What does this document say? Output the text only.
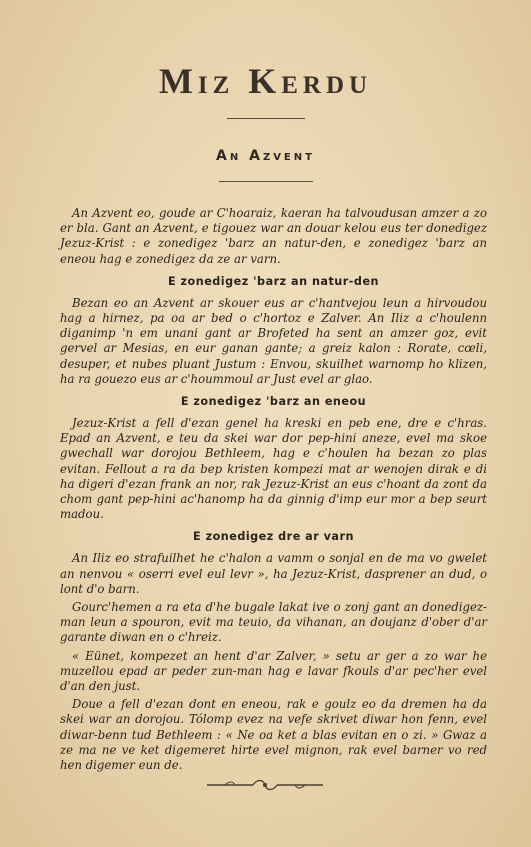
Miz Kerdu
An Azvent

An Azvent eo, goude ar C'hoaraiz, kaeran ha talvoudusan amzer a zo er bla. Gant an Azvent, e tigouez war an douar kelou eus ter donedigez Jezuz-Krist : e zonedigez 'barz an natur-den, e zonedigez 'barz an eneou hag e zonedigez da ze ar varn.

E zonedigez 'barz an natur-den

Bezan eo an Azvent ar skouer eus ar c'hantvejou leun a hirvoudou hag a hirnez, pa oa ar bed o c'hortoz e Zalver. An Iliz a c'houlenn diganimp 'n em unani gant ar Brofeted ha sent an amzer goz, evit gervel ar Mesias, en eur ganan gante; a greiz kalon : Rorate, cœli, desuper, et nubes pluant Justum : Envou, skuilhet warnomp ho klizen, ha ra gouezo eus ar c'hoummoul ar Just evel ar glao.

E zonedigez 'barz an eneou

Jezuz-Krist a fell d'ezan genel ha kreski en peb ene, dre e c'hras. Epad an Azvent, e teu da skei war dor pep-hini aneze, evel ma skoe gwechall war dorojou Bethleem, hag e c'houlen ha bezan zo plas evitan. Fellout a ra da bep kristen kompezi mat ar wenojen dirak e di ha digeri d'ezan frank an nor, rak Jezuz-Krist an eus c'hoant da zont da chom gant pep-hini ac'hanomp ha da ginnig d'imp eur mor a bep seurt madou.

E zonedigez dre ar varn

An Iliz eo strafuilhet he c'halon a vamm o sonjal en de ma vo gwelet an nenvou « oserri evel eul levr », ha Jezuz-Krist, dasprener an dud, o lont d'o barn.

Gourc'hemen a ra eta d'he bugale lakat ive o zonj gant an donedigez-man leun a spouron, evit ma teuio, da vihanan, an doujanz d'ober d'ar garante diwan en o c'hreiz.

« Eünet, kompezet an hent d'ar Zalver, » setu ar ger a zo war he muzellou epad ar peder zun-man hag e lavar fkouls d'ar pec'her evel d'an den just.

Doue a fell d'ezan dont en eneou, rak e goulz eo da dremen ha da skei war an dorojou. Tólomp evez na vefe skrivet diwar hon fenn, evel diwar-benn tud Bethleem : « Ne oa ket a blas evitan en o zi. » Gwaz a ze ma ne ve ket digemeret hirte evel mignon, rak evel barner vo red hen digemer eun de.
